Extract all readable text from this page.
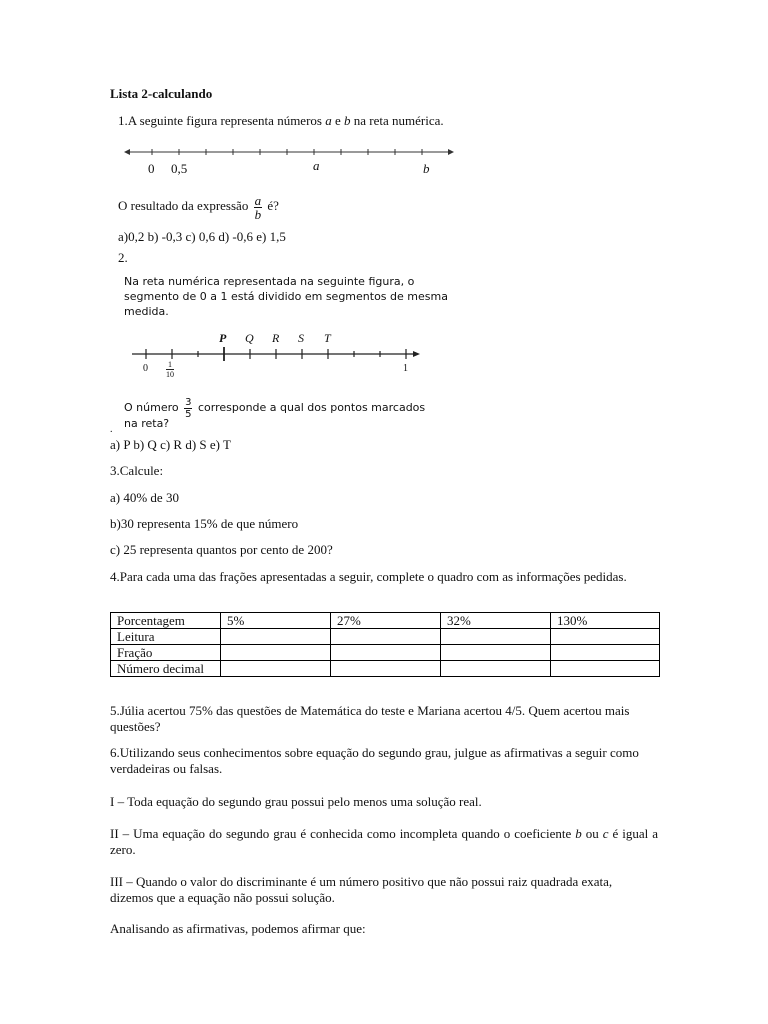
Lista 2-calculando
1.A seguinte figura representa números a e b na reta numérica.
0 0,5	a	b
O resultado da expressão $\frac{a}{b}$ é?
a)0,2 b) -0,3 c) 0,6 d) -0,6 e) 1,5
2.
Na reta numérica representada na seguinte figura, o
segmento de 0 a 1 está dividido em segmentos de mesma
medida.
P Q R S T
$0 \frac{1}{10}$	1
O número $\frac{3}{5}$ corresponde a qual dos pontos marcados
na reta?
.
a) P b) Q c) R d) S e) T
3.Calcule:
a) 40% de 30
b)30 representa 15% de que número
c) 25 representa quantos por cento de 200?
4.Para cada uma das frações apresentadas a seguir, complete o quadro com as informações pedidas.
Porcentagem	5%	27%	32%	130%
Leitura				
Fração				
Número decimal				
5.Júlia acertou 75% das questões de Matemática do teste e Mariana acertou 4/5. Quem acertou mais questões?
6.Utilizando seus conhecimentos sobre equação do segundo grau, julgue as afirmativas a seguir como verdadeiras ou falsas.
I – Toda equação do segundo grau possui pelo menos uma solução real.
II – Uma equação do segundo grau é conhecida como incompleta quando o coeficiente b ou c é igual a zero.
III – Quando o valor do discriminante é um número positivo que não possui raiz quadrada exata, dizemos que a equação não possui solução.
Analisando as afirmativas, podemos afirmar que:
